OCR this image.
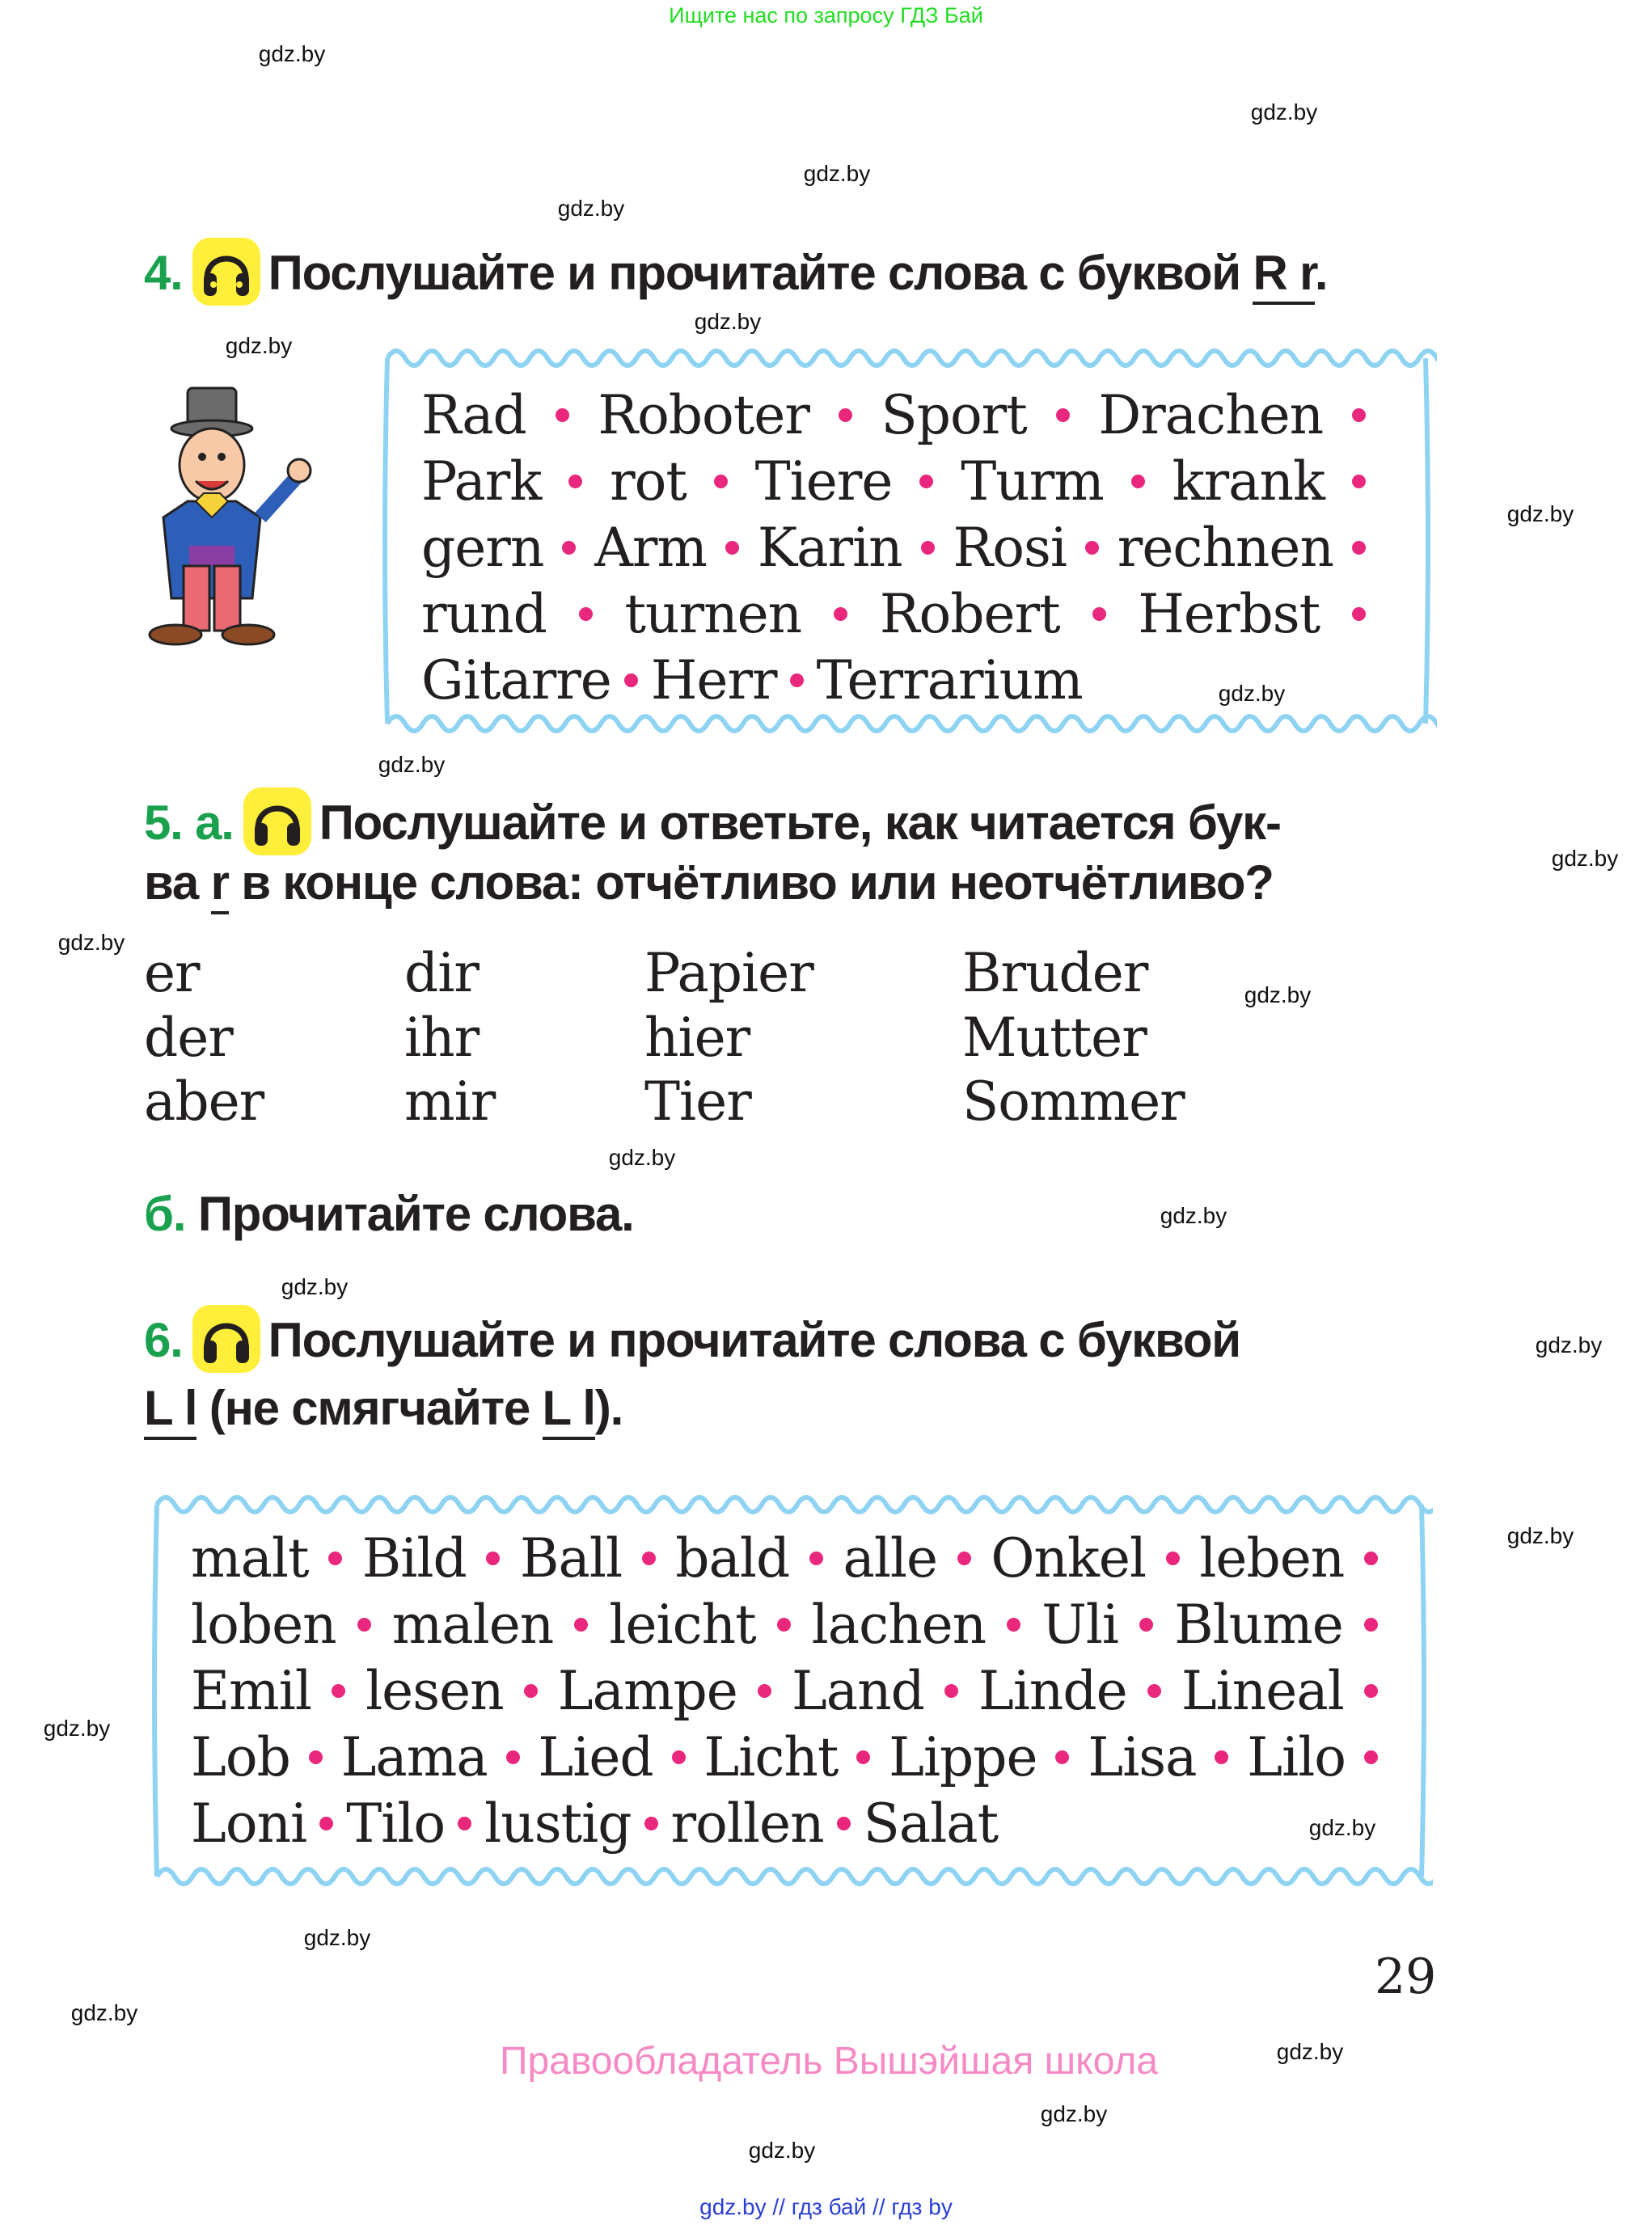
Ищите нас по запросу ГДЗ Бай
4. Послушайте и прочитайте слова с буквой R r.
Rad Roboter Sport Drachen
Park rot Tiere Turm krank
gern Arm Karin Rosi rechnen
rund turnen Robert Herbst
Gitarre Herr Terrarium
5. а. Послушайте и ответьте, как читается бук-
ва r в конце слова: отчётливо или неотчётливо?
er
der
aber
dir
ihr
mir
Papier
hier
Tier
Bruder
Mutter
Sommer
б. Прочитайте слова.
6. Послушайте и прочитайте слова с буквой
L l (не смягчайте L l).
malt Bild Ball bald alle Onkel leben
loben malen leicht lachen Uli Blume
Emil lesen Lampe Land Linde Lineal
Lob Lama Lied Licht Lippe Lisa Lilo
Loni Tilo lustig rollen Salat
29
Правообладатель Вышэйшая школа
gdz.by // гдз бай // гдз by
gdz.by
gdz.by
gdz.by
gdz.by
gdz.by
gdz.by
gdz.by
gdz.by
gdz.by
gdz.by
gdz.by
gdz.by
gdz.by
gdz.by
gdz.by
gdz.by
gdz.by
gdz.by
gdz.by
gdz.by
gdz.by
gdz.by
gdz.by
gdz.by
